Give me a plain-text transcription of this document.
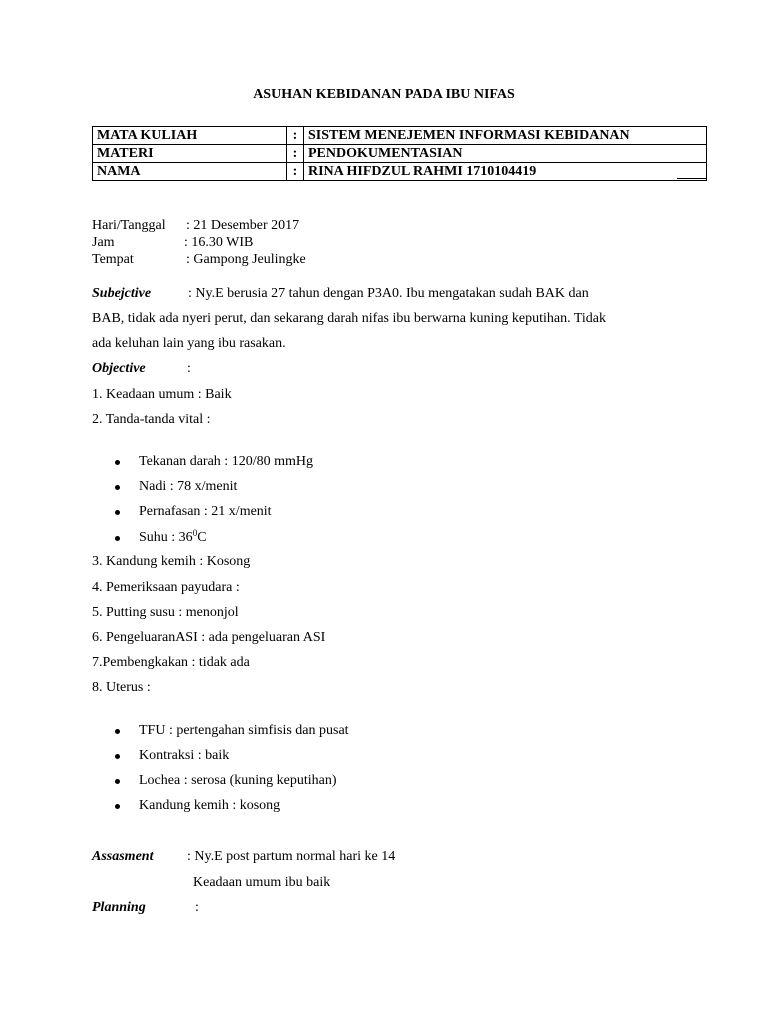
ASUHAN KEBIDANAN PADA IBU NIFAS
MATA KULIAH	:	SISTEM MENEJEMEN INFORMASI KEBIDANAN
MATERI	:	PENDOKUMENTASIAN
NAMA	:	RINA HIFDZUL RAHMI 1710104419
Hari/Tanggal : 21 Desember 2017
Jam	: 16.30 WIB
Tempat	: Gampong Jeulingke
Subejctive	: Ny.E berusia 27 tahun dengan P3A0. Ibu mengatakan sudah BAK dan
BAB, tidak ada nyeri perut, dan sekarang darah nifas ibu berwarna kuning keputihan. Tidak
ada keluhan lain yang ibu rasakan.
Objective	:
1. Keadaan umum : Baik
2. Tanda-tanda vital :
Tekanan darah : 120/80 mmHg
Nadi : 78 x/menit
Pernafasan : 21 x/menit
Suhu : $36^0C$
3. Kandung kemih : Kosong
4. Pemeriksaan payudara :
5. Putting susu : menonjol
6. PengeluaranASI : ada pengeluaran ASI
7.Pembengkakan : tidak ada
8. Uterus :
TFU : pertengahan simfisis dan pusat
Kontraksi : baik
Lochea : serosa (kuning keputihan)
Kandung kemih : kosong
Assasment : Ny.E post partum normal hari ke 14
Keadaan umum ibu baik
Planning	:
